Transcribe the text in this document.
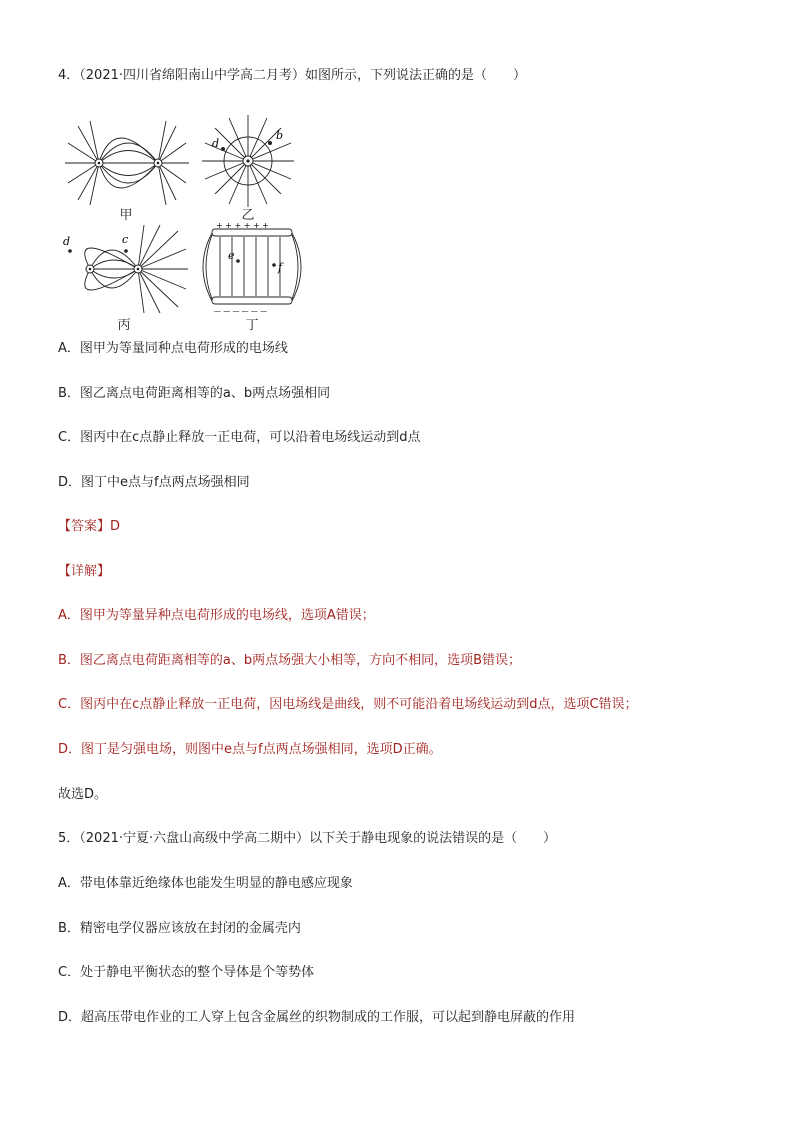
4．（2021·四川省绵阳南山中学高二月考）如图所示，下列说法正确的是（　　）
甲
d
b
乙
d	c
丙
e
f
+ + + + + +
— — — — — —
丁
A．图甲为等量同种点电荷形成的电场线
B．图乙离点电荷距离相等的a、b两点场强相同
C．图丙中在c点静止释放一正电荷，可以沿着电场线运动到d点
D．图丁中e点与f点两点场强相同
【答案】D
【详解】
A．图甲为等量异种点电荷形成的电场线，选项A错误；
B．图乙离点电荷距离相等的a、b两点场强大小相等，方向不相同，选项B错误；
C．图丙中在c点静止释放一正电荷，因电场线是曲线，则不可能沿着电场线运动到d点，选项C错误；
D．图丁是匀强电场，则图中e点与f点两点场强相同，选项D正确。
故选D。
5．（2021·宁夏·六盘山高级中学高二期中）以下关于静电现象的说法错误的是（　　）
A．带电体靠近绝缘体也能发生明显的静电感应现象
B．精密电学仪器应该放在封闭的金属壳内
C．处于静电平衡状态的整个导体是个等势体
D．超高压带电作业的工人穿上包含金属丝的织物制成的工作服，可以起到静电屏蔽的作用
